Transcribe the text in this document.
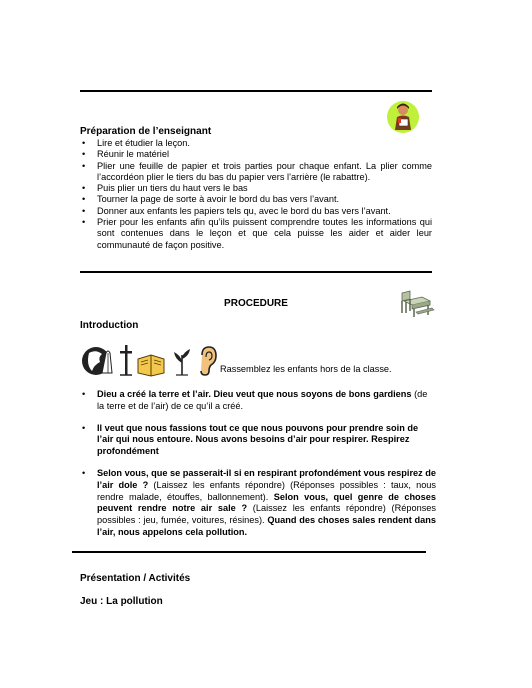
Préparation de l’enseignant
• Lire et étudier la leçon.
• Réunir le matériel
• Plier une feuille de papier et trois parties pour chaque enfant. La plier comme l’accordéon plier le tiers du bas du papier vers l’arrière (le rabattre).
• Puis plier un tiers du haut vers le bas
• Tourner la page de sorte à avoir le bord du bas vers l’avant.
• Donner aux enfants les papiers tels qu, avec le bord du bas vers l’avant.
• Prier pour les enfants afin qu’ils puissent comprendre toutes les informations qui sont contenues dans le leçon et que cela puisse les aider et aider leur communauté de façon positive.
PROCEDURE
Introduction
Rassemblez les enfants hors de la classe.
• Dieu a créé la terre et l’air. Dieu veut que nous soyons de bons gardiens (de la terre et de l’air) de ce qu’il a créé.
• Il veut que nous fassions tout ce que nous pouvons pour prendre soin de l’air qui nous entoure. Nous avons besoins d’air pour respirer. Respirez profondément
• Selon vous, que se passerait-il si en respirant profondément vous respirez de l’air dole ? (Laissez les enfants répondre) (Réponses possibles : taux, nous rendre malade, étouffes, ballonnement). Selon vous, quel genre de choses peuvent rendre notre air sale ? (Laissez les enfants répondre) (Réponses possibles : jeu, fumée, voitures, résines). Quand des choses sales rendent dans l’air, nous appelons cela pollution.
Présentation / Activités
Jeu : La pollution
